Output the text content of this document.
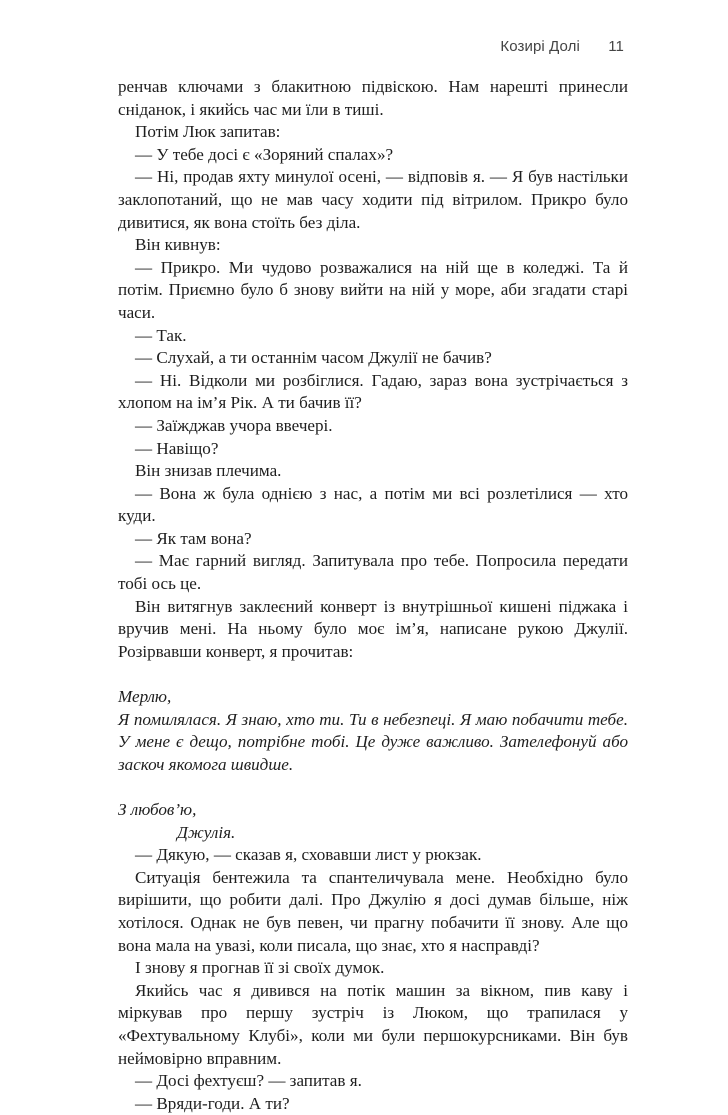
Козирі Долі 11

ренчав ключами з блакитною підвіскою. Нам нарешті принесли сніданок, і якийсь час ми їли в тиші.

Потім Люк запитав:

— У тебе досі є «Зоряний спалах»?

— Ні, продав яхту минулої осені, — відповів я. — Я був настільки заклопотаний, що не мав часу ходити під вітрилом. Прикро було дивитися, як вона стоїть без діла.

Він кивнув:

— Прикро. Ми чудово розважалися на ній ще в коледжі. Та й потім. Приємно було б знову вийти на ній у море, аби згадати старі часи.

— Так.

— Слухай, а ти останнім часом Джулії не бачив?

— Ні. Відколи ми розбіглися. Гадаю, зараз вона зустрічається з хлопом на ім’я Рік. А ти бачив її?

— Заїжджав учора ввечері.

— Навіщо?

Він знизав плечима.

— Вона ж була однією з нас, а потім ми всі розлетілися — хто куди.

— Як там вона?

— Має гарний вигляд. Запитувала про тебе. Попросила передати тобі ось це.

Він витягнув заклеєний конверт із внутрішньої кишені піджака і вручив мені. На ньому було моє ім’я, написане рукою Джулії. Розірвавши конверт, я прочитав:

Мерлю,

Я помилялася. Я знаю, хто ти. Ти в небезпеці. Я маю побачити тебе. У мене є дещо, потрібне тобі. Це дуже важливо. Зателефонуй або заскоч якомога швидше.

З любов’ю,

Джулія.

— Дякую, — сказав я, сховавши лист у рюкзак.

Ситуація бентежила та спантеличувала мене. Необхідно було вирішити, що робити далі. Про Джулію я досі думав більше, ніж хотілося. Однак не був певен, чи прагну побачити її знову. Але що вона мала на увазі, коли писала, що знає, хто я насправді?

І знову я прогнав її зі своїх думок.

Якийсь час я дивився на потік машин за вікном, пив каву і міркував про першу зустріч із Люком, що трапилася у «Фехтувальному Клубі», коли ми були першокурсниками. Він був неймовірно вправним.

— Досі фехтуєш? — запитав я.

— Вряди-годи. А ти?
